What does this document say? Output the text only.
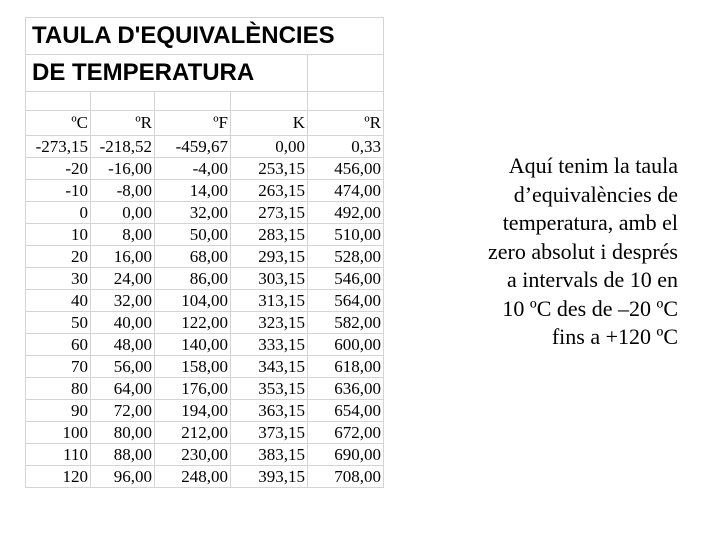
TAULA D'EQUIVALÈNCIES				
DE TEMPERATURA				

ºC	ºR	ºF	K	ºR
-273,15	-218,52	-459,67	0,00	0,33
-20	-16,00	-4,00	253,15	456,00
-10	-8,00	14,00	263,15	474,00
0	0,00	32,00	273,15	492,00
10	8,00	50,00	283,15	510,00
20	16,00	68,00	293,15	528,00
30	24,00	86,00	303,15	546,00
40	32,00	104,00	313,15	564,00
50	40,00	122,00	323,15	582,00
60	48,00	140,00	333,15	600,00
70	56,00	158,00	343,15	618,00
80	64,00	176,00	353,15	636,00
90	72,00	194,00	363,15	654,00
100	80,00	212,00	373,15	672,00
110	88,00	230,00	383,15	690,00
120	96,00	248,00	393,15	708,00
Aquí tenim la taula
d’equivalències de
temperatura, amb el
zero absolut i després
a intervals de 10 en
10 ºC des de –20 ºC
fins a +120 ºC
